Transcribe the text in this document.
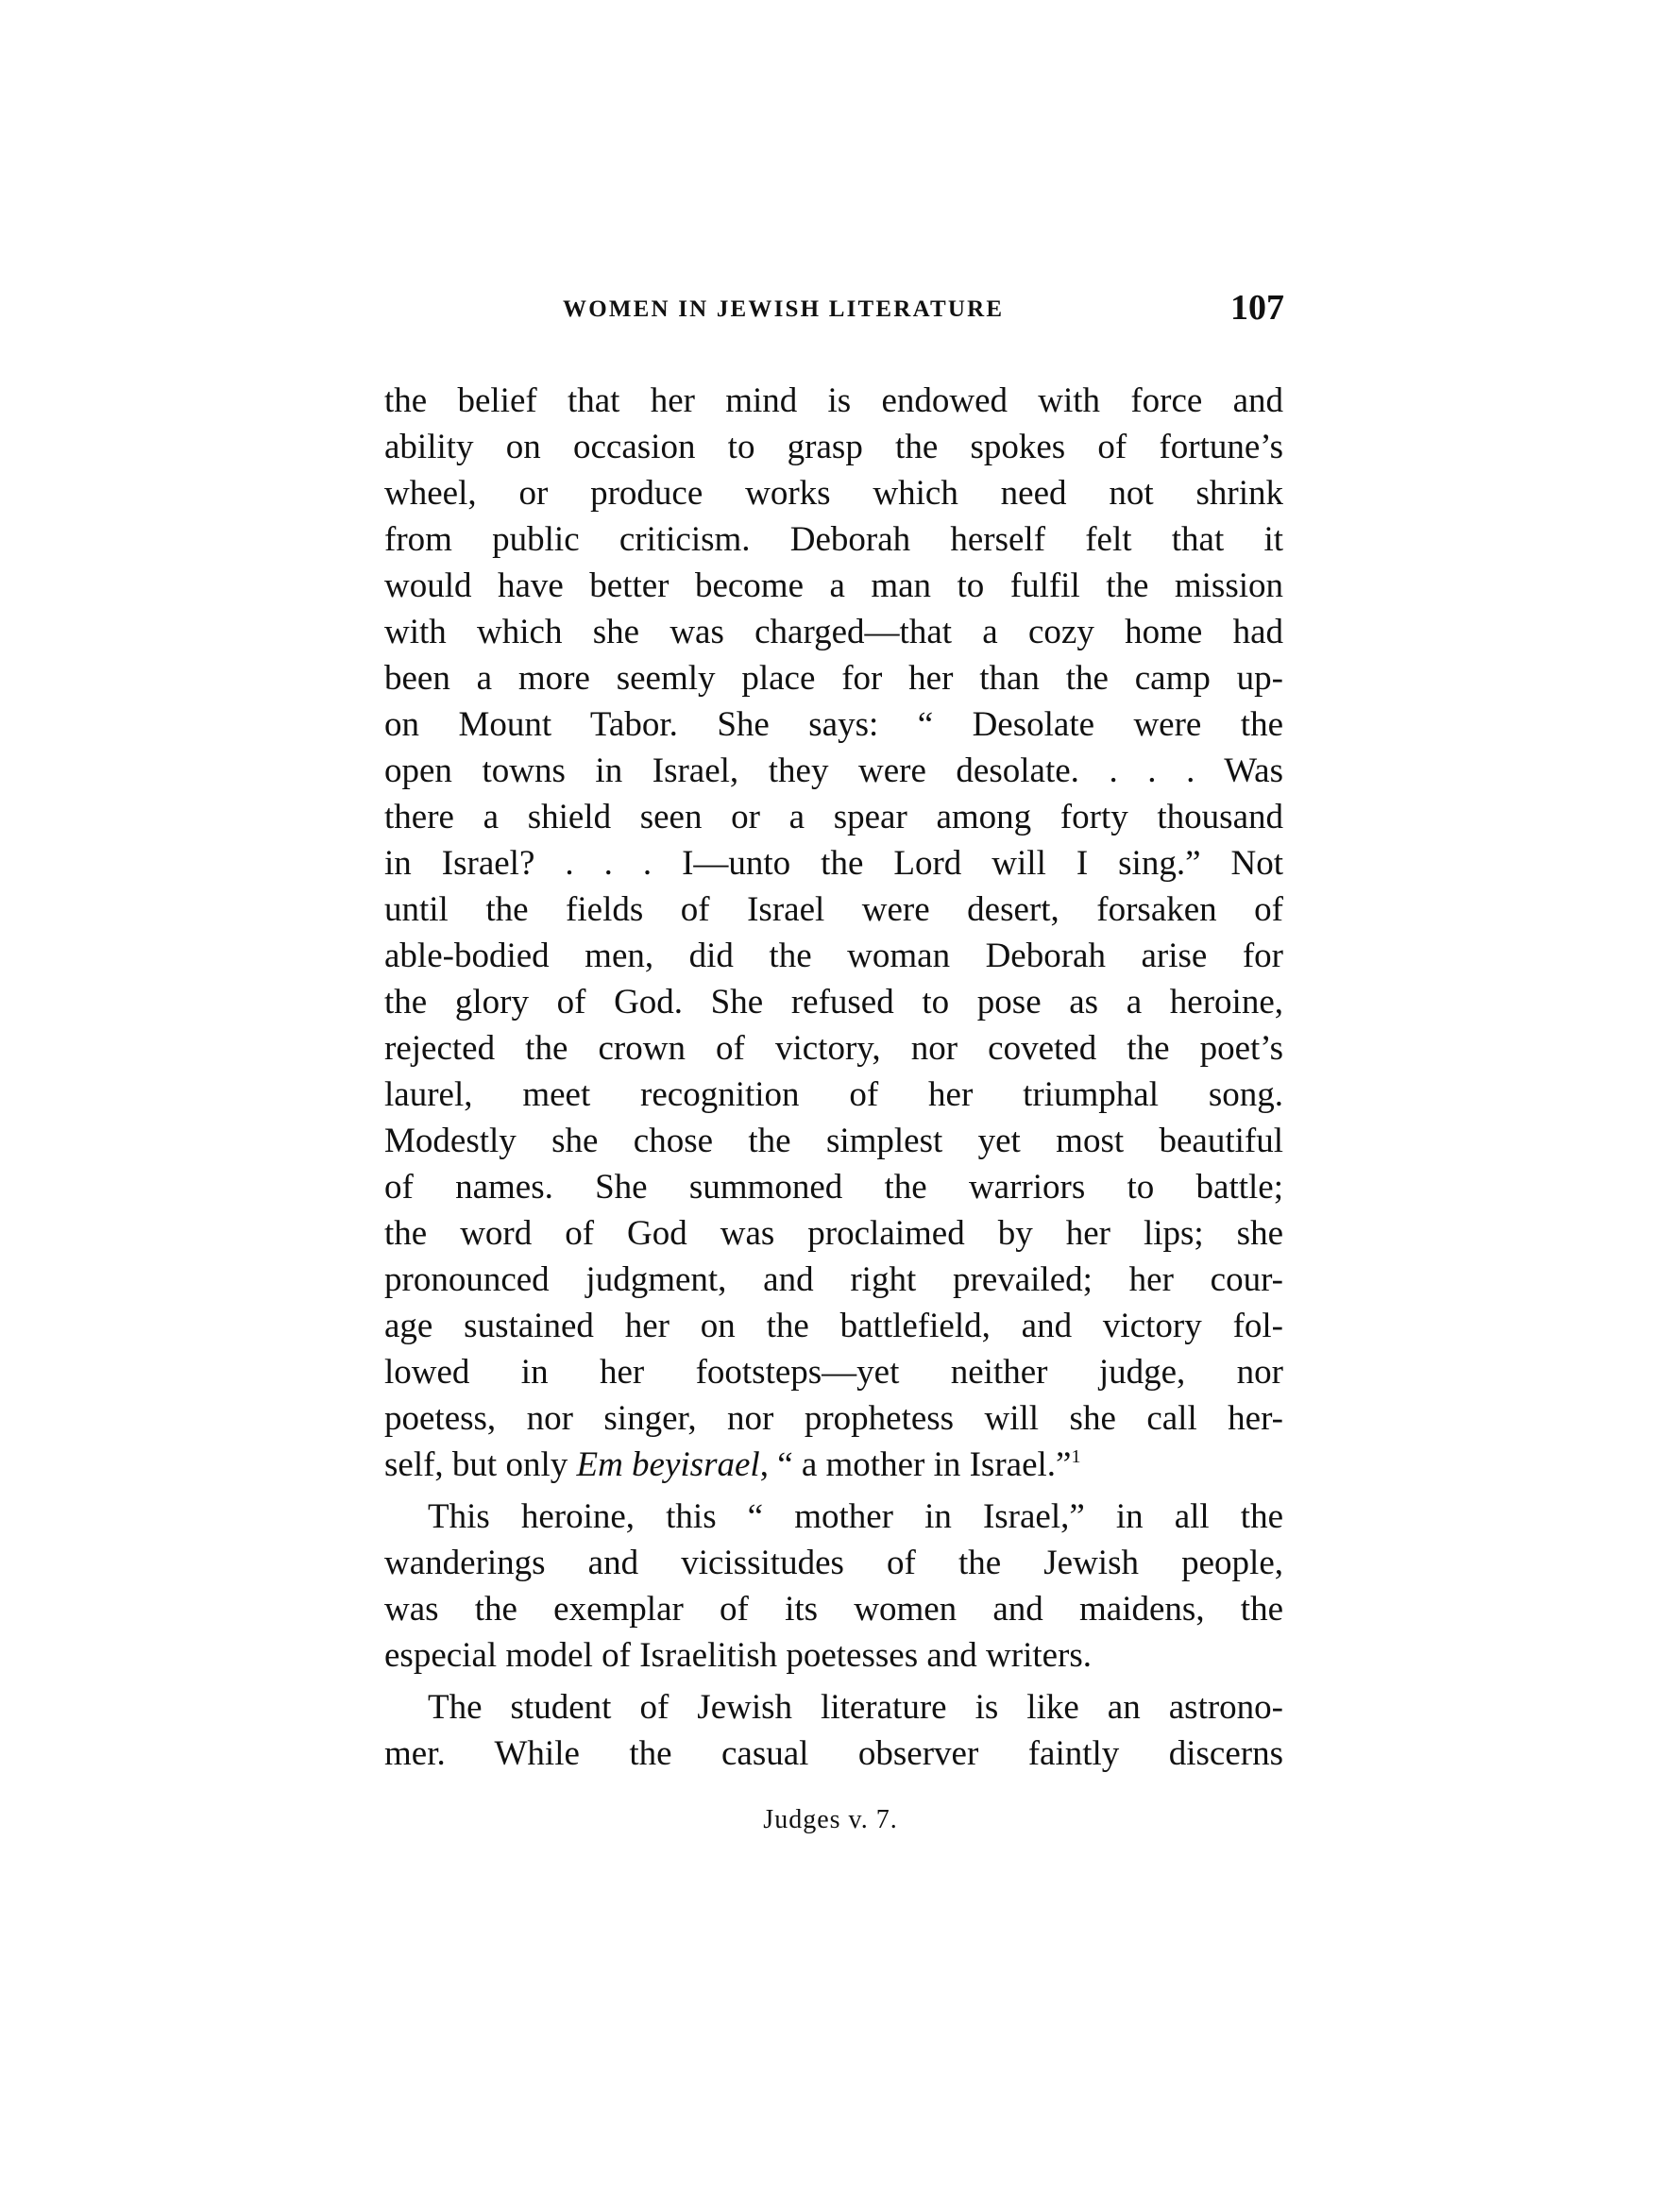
WOMEN IN JEWISH LITERATURE	107
the belief that her mind is endowed with force and
ability on occasion to grasp the spokes of fortune’s
wheel, or produce works which need not shrink
from public criticism. Deborah herself felt that it
would have better become a man to fulfil the mission
with which she was charged—that a cozy home had
been a more seemly place for her than the camp up-
on Mount Tabor. She says: “ Desolate were the
open towns in Israel, they were desolate. . . . Was
there a shield seen or a spear among forty thousand
in Israel? . . . I—unto the Lord will I sing.” Not
until the fields of Israel were desert, forsaken of
able-bodied men, did the woman Deborah arise for
the glory of God. She refused to pose as a heroine,
rejected the crown of victory, nor coveted the poet’s
laurel, meet recognition of her triumphal song.
Modestly she chose the simplest yet most beautiful
of names. She summoned the warriors to battle;
the word of God was proclaimed by her lips; she
pronounced judgment, and right prevailed; her cour-
age sustained her on the battlefield, and victory fol-
lowed in her footsteps—yet neither judge, nor
poetess, nor singer, nor prophetess will she call her-
self, but only Em beyisrael, “ a mother in Israel.”$^1$
This heroine, this “ mother in Israel,” in all the
wanderings and vicissitudes of the Jewish people,
was the exemplar of its women and maidens, the
especial model of Israelitish poetesses and writers.
The student of Jewish literature is like an astrono-
mer. While the casual observer faintly discerns
Judges v. 7.
